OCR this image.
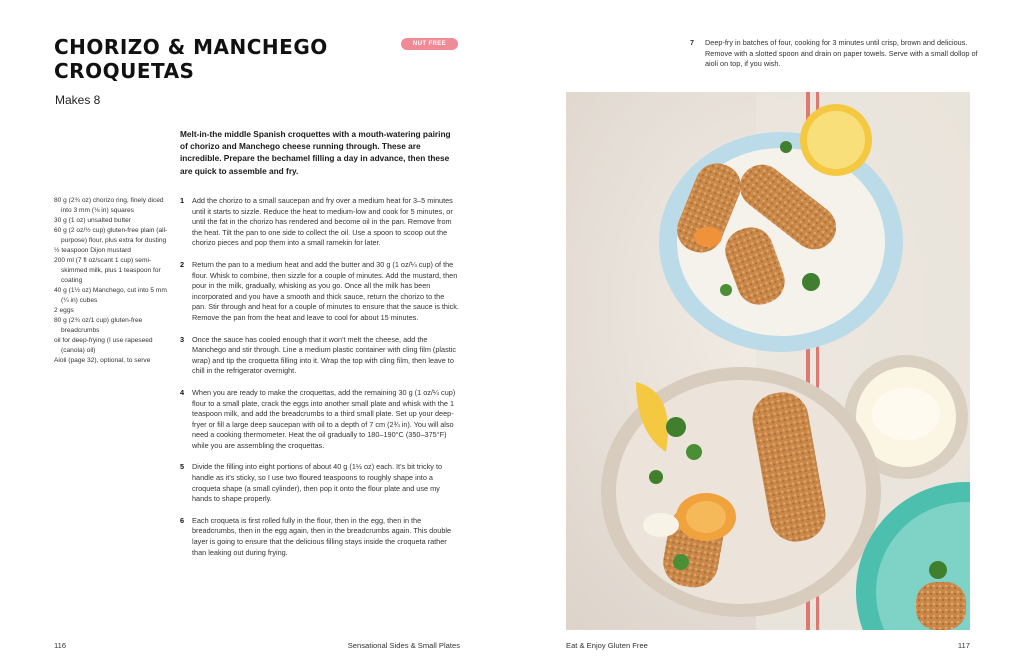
CHORIZO & MANCHEGO
CROQUETAS
NUT FREE
Makes 8

Melt-in-the middle Spanish croquettes with a mouth-watering pairing of chorizo and Manchego cheese running through. These are incredible. Prepare the bechamel filling a day in advance, then these are quick to assemble and fry.

80 g (2¾ oz) chorizo ring, finely diced into 3 mm (⅛ in) squares
30 g (1 oz) unsalted butter
60 g (2 oz/½ cup) gluten-free plain (all-purpose) flour, plus extra for dusting
½ teaspoon Dijon mustard
200 ml (7 fl oz/scant 1 cup) semi-skimmed milk, plus 1 teaspoon for coating
40 g (1½ oz) Manchego, cut into 5 mm (¼ in) cubes
2 eggs
80 g (2¾ oz/1 cup) gluten-free breadcrumbs
oil for deep-frying (I use rapeseed (canola) oil)
Aioli (page 32), optional, to serve
1	Add the chorizo to a small saucepan and fry over a medium heat for 3–5 minutes until it starts to sizzle. Reduce the heat to medium-low and cook for 5 minutes, or until the fat in the chorizo has rendered and become oil in the pan. Remove from the heat. Tilt the pan to one side to collect the oil. Use a spoon to scoop out the chorizo pieces and pop them into a small ramekin for later.
2	Return the pan to a medium heat and add the butter and 30 g (1 oz/¼ cup) of the flour. Whisk to combine, then sizzle for a couple of minutes. Add the mustard, then pour in the milk, gradually, whisking as you go. Once all the milk has been incorporated and you have a smooth and thick sauce, return the chorizo to the pan. Stir through and heat for a couple of minutes to ensure that the sauce is thick. Remove the pan from the heat and leave to cool for about 15 minutes.
3	Once the sauce has cooled enough that it won't melt the cheese, add the Manchego and stir through. Line a medium plastic container with cling film (plastic wrap) and tip the croquetta filling into it. Wrap the top with cling film, then leave to chill in the refrigerator overnight.
4	When you are ready to make the croquettas, add the remaining 30 g (1 oz/¼ cup) flour to a small plate, crack the eggs into another small plate and whisk with the 1 teaspoon milk, and add the breadcrumbs to a third small plate. Set up your deep-fryer or fill a large deep saucepan with oil to a depth of 7 cm (2¾ in). You will also need a cooking thermometer. Heat the oil gradually to 180–190°C (350–375°F) while you are assembling the croquettas.
5	Divide the filling into eight portions of about 40 g (1½ oz) each. It's bit tricky to handle as it's sticky, so I use two floured teaspoons to roughly shape into a croqueta shape (a small cylinder), then pop it onto the flour plate and use my hands to shape properly.
6	Each croqueta is first rolled fully in the flour, then in the egg, then in the breadcrumbs, then in the egg again, then in the breadcrumbs again. This double layer is going to ensure that the delicious filling stays inside the croqueta rather than leaking out during frying.
116	Sensational Sides & Small Plates
7	Deep-fry in batches of four, cooking for 3 minutes until crisp, brown and delicious. Remove with a slotted spoon and drain on paper towels. Serve with a small dollop of aioli on top, if you wish.
Eat & Enjoy Gluten Free	117
